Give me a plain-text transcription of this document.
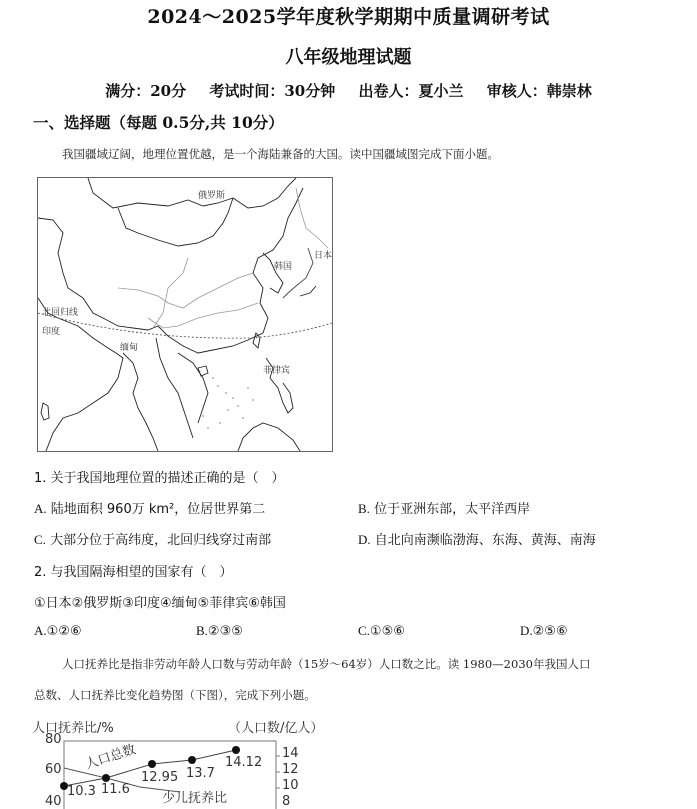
2024～2025学年度秋学期期中质量调研考试
八年级地理试题
满分：20分 考试时间：30分钟 出卷人：夏小兰 审核人：韩崇林
一、选择题（每题 0.5分,共 10分）
我国疆域辽阔，地理位置优越，是一个海陆兼备的大国。读中国疆域图完成下面小题。
俄罗斯
日本
韩国
北回归线
印度
缅甸
菲律宾
1. 关于我国地理位置的描述正确的是（　）
A. 陆地面积 960万 km²，位居世界第二	B. 位于亚洲东部，太平洋西岸
C. 大部分位于高纬度，北回归线穿过南部	D. 自北向南濒临渤海、东海、黄海、南海
2. 与我国隔海相望的国家有（　）
①日本②俄罗斯③印度④缅甸⑤菲律宾⑥韩国
A.①②⑥	B.②③⑤	C.①⑤⑥	D.②⑤⑥
人口抚养比是指非劳动年龄人口数与劳动年龄（15岁～64岁）人口数之比。读 1980—2030年我国人口
总数、人口抚养比变化趋势图（下图），完成下列小题。
人口抚养比/%	（人口数/亿人）
80
60
40
14
12
10
8
人口总数
10.3 11.6
12.95 13.7
14.12
少儿抚养比
